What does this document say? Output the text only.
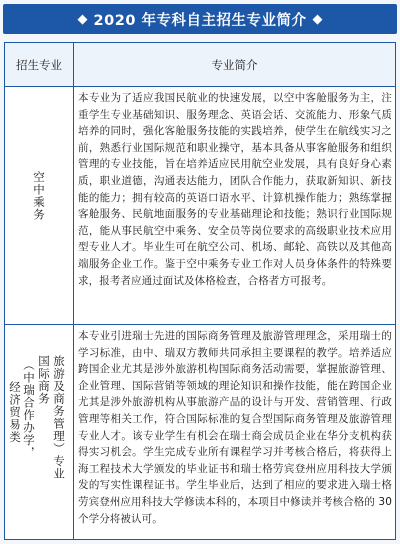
◆ 2020 年专科自主招生专业简介 ◆
招生专业	专业简介
空中乘务

本专业为了适应我国民航业的快速发展，以空中客舱服务为主，注重学生专业基础知识、服务理念、英语会话、交流能力、形象气质培养的同时，强化客舱服务技能的实践培养，使学生在航线实习之前，熟悉行业国际规范和职业操守，基本具备从事客舱服务和组织管理的专业技能，旨在培养适应民用航空业发展，具有良好身心素质，职业道德，沟通表达能力，团队合作能力，获取新知识、新技能的能力；拥有较高的英语口语水平、计算机操作能力；熟练掌握客舱服务、民航地面服务的专业基础理论和技能；熟识行业国际规范，能从事民航空中乘务、安全员等岗位要求的高级职业技术应用型专业人才。毕业生可在航空公司、机场、邮轮、高铁以及其他高端服务企业工作。鉴于空中乘务专业工作对人员身体条件的特殊要求，报考者应通过面试及体格检查，合格者方可报考。

旅游及商务管理）专业
国际商务
（中瑞合作办学，
经济贸易类

本专业引进瑞士先进的国际商务管理及旅游管理理念，采用瑞士的学习标准，由中、瑞双方教师共同承担主要课程的教学。培养适应跨国企业尤其是涉外旅游机构国际商务活动需要，掌握旅游管理、企业管理、国际营销等领域的理论知识和操作技能，能在跨国企业尤其是涉外旅游机构从事旅游产品的设计与开发、营销管理、行政管理等相关工作，符合国际标准的复合型国际商务管理及旅游管理专业人才。该专业学生有机会在瑞士商会成员企业在华分支机构获得实习机会。学生完成专业所有课程学习并考核合格后，将获得上海工程技术大学颁发的毕业证书和瑞士格劳宾登州应用科技大学颁发的写实性课程证书。学生毕业后，达到了相应的要求进入瑞士格劳宾登州应用科技大学修读本科的，本项目中修读并考核合格的 30 个学分将被认可。
